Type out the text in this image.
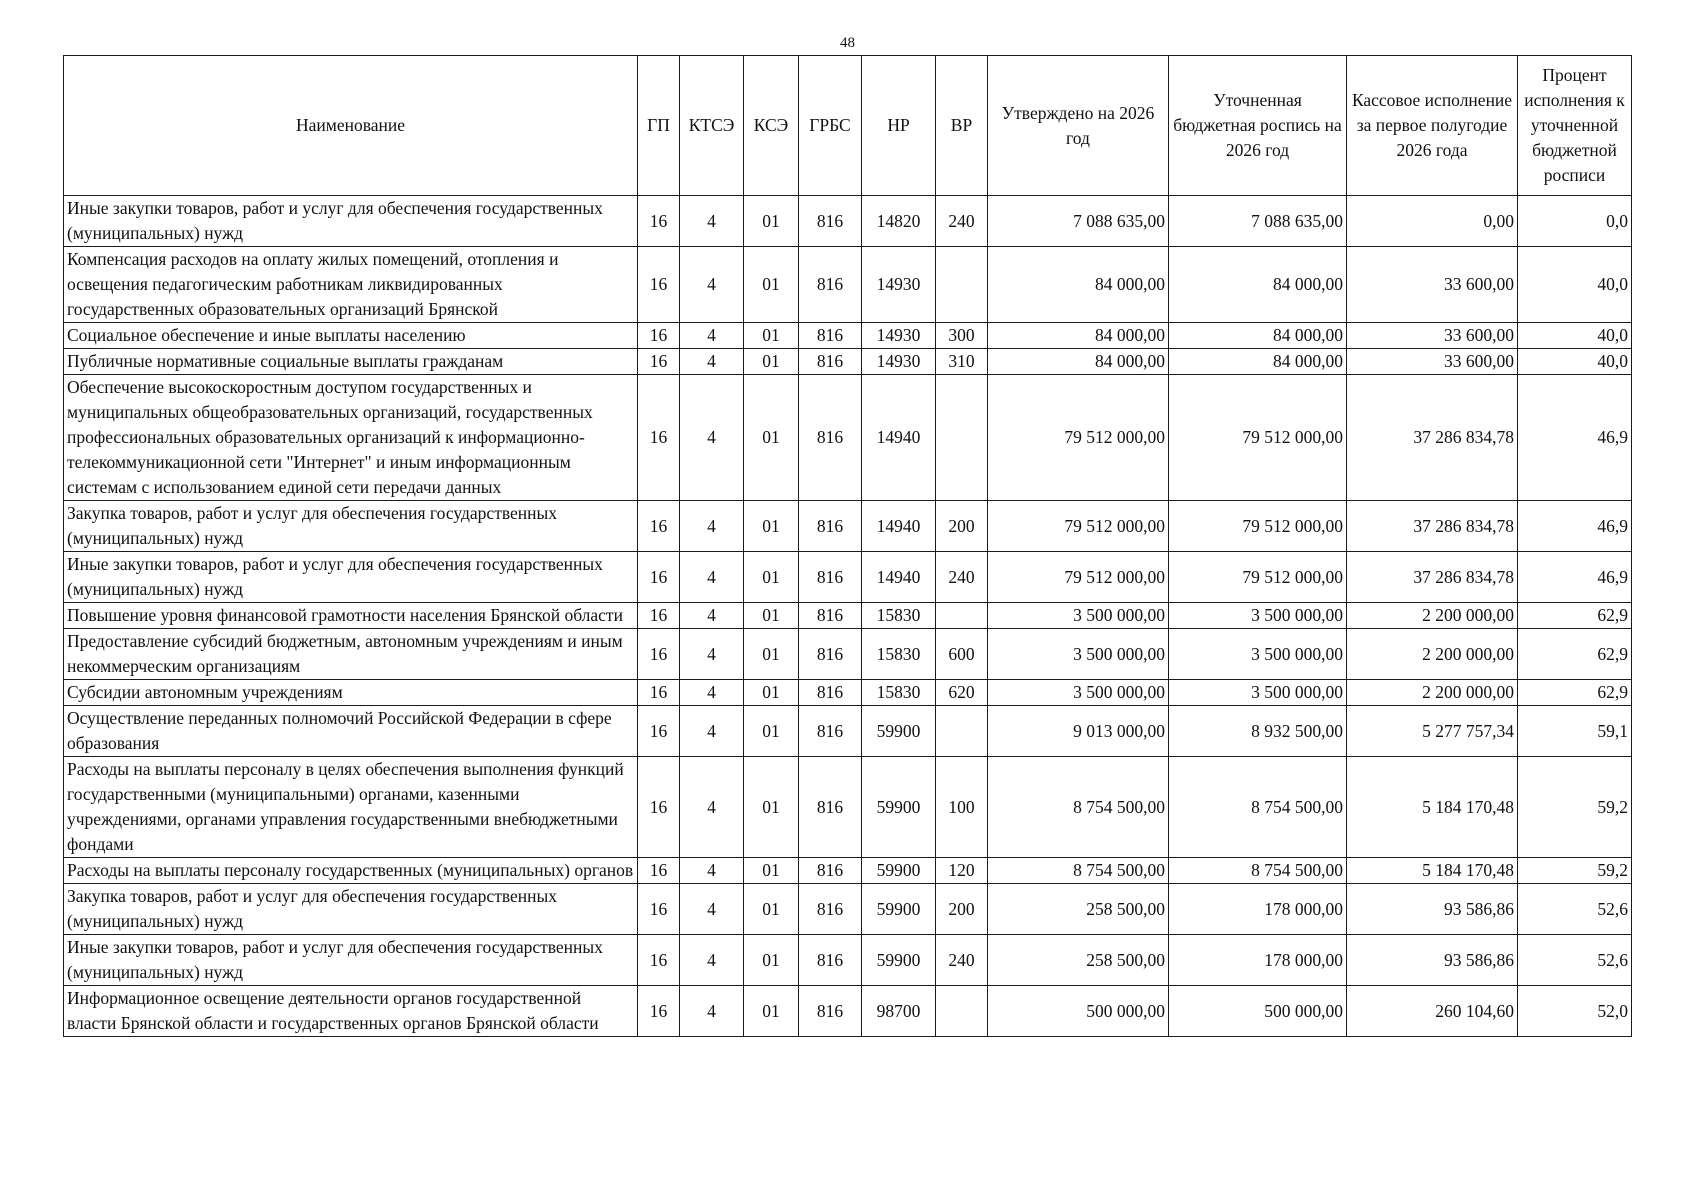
48
Наименование	ГП	КТСЭ	КСЭ	ГРБС	НР	ВР	Утверждено на 2026 год	Уточненная бюджетная роспись на 2026 год	Кассовое исполнение за первое полугодие 2026 года	Процент исполнения к уточненной бюджетной росписи
Иные закупки товаров, работ и услуг для обеспечения государственных (муниципальных) нужд	16	4	01	816	14820	240	7 088 635,00	7 088 635,00	0,00	0,0
Компенсация расходов на оплату жилых помещений, отопления и освещения педагогическим работникам ликвидированных государственных образовательных организаций Брянской	16	4	01	816	14930		84 000,00	84 000,00	33 600,00	40,0
Социальное обеспечение и иные выплаты населению	16	4	01	816	14930	300	84 000,00	84 000,00	33 600,00	40,0
Публичные нормативные социальные выплаты гражданам	16	4	01	816	14930	310	84 000,00	84 000,00	33 600,00	40,0
Обеспечение высокоскоростным доступом государственных и муниципальных общеобразовательных организаций, государственных профессиональных образовательных организаций к информационно-телекоммуникационной сети "Интернет" и иным информационным системам с использованием единой сети передачи данных	16	4	01	816	14940		79 512 000,00	79 512 000,00	37 286 834,78	46,9
Закупка товаров, работ и услуг для обеспечения государственных (муниципальных) нужд	16	4	01	816	14940	200	79 512 000,00	79 512 000,00	37 286 834,78	46,9
Иные закупки товаров, работ и услуг для обеспечения государственных (муниципальных) нужд	16	4	01	816	14940	240	79 512 000,00	79 512 000,00	37 286 834,78	46,9
Повышение уровня финансовой грамотности населения Брянской области	16	4	01	816	15830		3 500 000,00	3 500 000,00	2 200 000,00	62,9
Предоставление субсидий бюджетным, автономным учреждениям и иным некоммерческим организациям	16	4	01	816	15830	600	3 500 000,00	3 500 000,00	2 200 000,00	62,9
Субсидии автономным учреждениям	16	4	01	816	15830	620	3 500 000,00	3 500 000,00	2 200 000,00	62,9
Осуществление переданных полномочий Российской Федерации в сфере образования	16	4	01	816	59900		9 013 000,00	8 932 500,00	5 277 757,34	59,1
Расходы на выплаты персоналу в целях обеспечения выполнения функций государственными (муниципальными) органами, казенными учреждениями, органами управления государственными внебюджетными фондами	16	4	01	816	59900	100	8 754 500,00	8 754 500,00	5 184 170,48	59,2
Расходы на выплаты персоналу государственных (муниципальных) органов	16	4	01	816	59900	120	8 754 500,00	8 754 500,00	5 184 170,48	59,2
Закупка товаров, работ и услуг для обеспечения государственных (муниципальных) нужд	16	4	01	816	59900	200	258 500,00	178 000,00	93 586,86	52,6
Иные закупки товаров, работ и услуг для обеспечения государственных (муниципальных) нужд	16	4	01	816	59900	240	258 500,00	178 000,00	93 586,86	52,6
Информационное освещение деятельности органов государственной власти Брянской области и государственных органов Брянской области	16	4	01	816	98700		500 000,00	500 000,00	260 104,60	52,0
